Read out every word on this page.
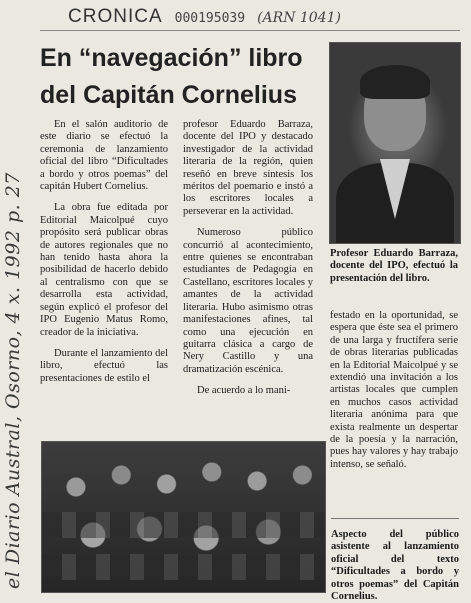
el Diario Austral, Osorno, 4 x. 1992 p. 27
CRONICA 000195039 (ARN 1041)
En “navegación” libro
del Capitán Cornelius

En el salón auditorio de este diario se efectuó la ceremonia de lanzamiento oficial del libro “Dificultades a bordo y otros poemas” del capitán Hubert Cornelius.

La obra fue editada por Editorial Maicolpué cuyo propósito será publicar obras de autores regionales que no han tenido hasta ahora la posibilidad de hacerlo debido al centralismo con que se desarrolla esta actividad, según explicó el profesor del IPO Eugenio Matus Romo, creador de la iniciativa.

Durante el lanzamiento del libro, efectuó las presentaciones de estilo el

profesor Eduardo Barraza, docente del IPO y destacado investigador de la actividad literaria de la región, quien reseñó en breve síntesis los méritos del poemario e instó a los escritores locales a perseverar en la actividad.

Numeroso público concurrió al acontecimiento, entre quienes se encontraban estudiantes de Pedagogía en Castellano, escritores locales y amantes de la actividad literaria. Hubo asimismo otras manifestaciones afines, tal como una ejecución en guitarra clásica a cargo de Nery Castillo y una dramatización escénica.

De acuerdo a lo mani-

Profesor Eduardo Barraza, docente del IPO, efectuó la presentación del libro.

festado en la oportunidad, se espera que éste sea el primero de una larga y fructífera serie de obras literarias publicadas en la Editorial Maicolpué y se extendió una invitación a los artistas locales que cumplen en muchos casos actividad literaria anónima para que exista realmente un despertar de la poesía y la narración, pues hay valores y hay trabajo intenso, se señaló.

Aspecto del público asistente al lanzamiento oficial del texto “Dificultades a bordo y otros poemas” del Capitán Cornelius.
